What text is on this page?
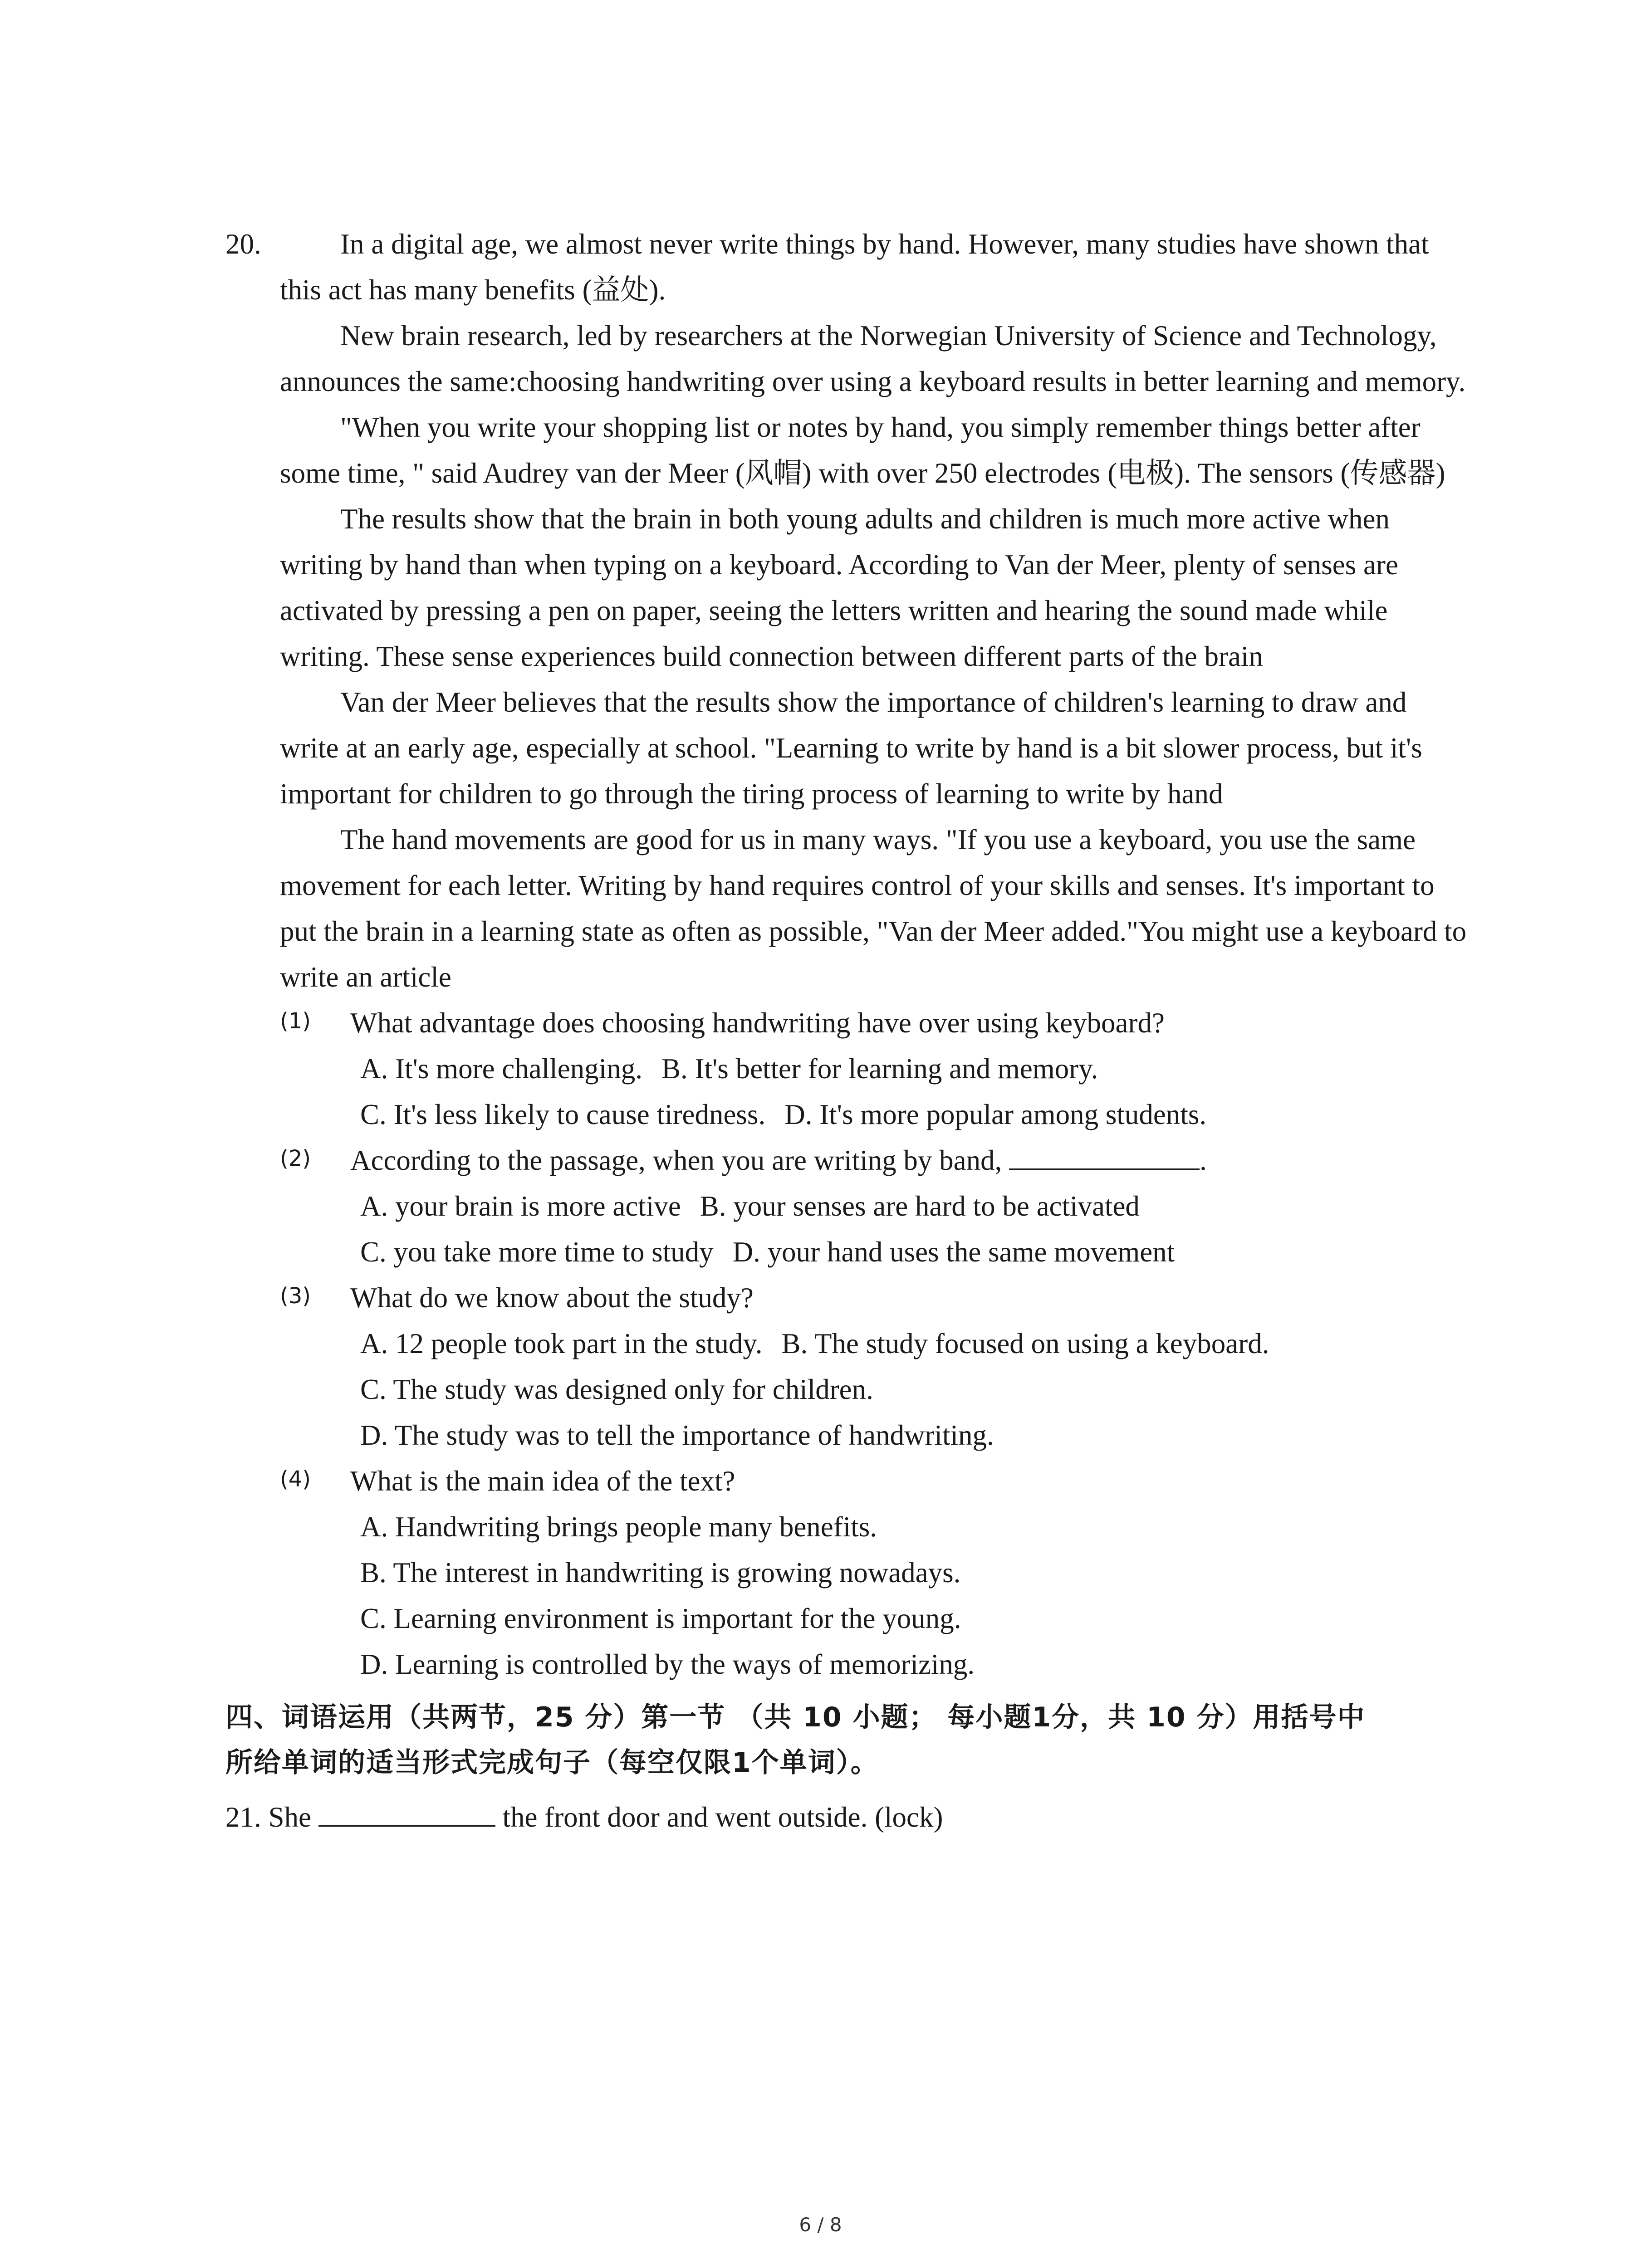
20.	In a digital age, we almost never write things by hand. However, many studies have shown that this act has many benefits (益处).

New brain research, led by researchers at the Norwegian University of Science and Technology, announces the same:choosing handwriting over using a keyboard results in better learning and memory.

"When you write your shopping list or notes by hand, you simply remember things better after some time, " said Audrey van der Meer (风帽) with over 250 electrodes (电极). The sensors (传感器)

The results show that the brain in both young adults and children is much more active when writing by hand than when typing on a keyboard. According to Van der Meer, plenty of senses are activated by pressing a pen on paper, seeing the letters written and hearing the sound made while writing. These sense experiences build connection between different parts of the brain

Van der Meer believes that the results show the importance of children's learning to draw and write at an early age, especially at school. "Learning to write by hand is a bit slower process, but it's important for children to go through the tiring process of learning to write by hand

The hand movements are good for us in many ways. "If you use a keyboard, you use the same movement for each letter. Writing by hand requires control of your skills and senses. It's important to put the brain in a learning state as often as possible, "Van der Meer added."You might use a keyboard to write an article

(1) What advantage does choosing handwriting have over using keyboard?
A. It's more challenging. B. It's better for learning and memory.
C. It's less likely to cause tiredness. D. It's more popular among students.
(2) According to the passage, when you are writing by band,	.
A. your brain is more active B. your senses are hard to be activated
C. you take more time to study D. your hand uses the same movement
(3) What do we know about the study?
A. 12 people took part in the study. B. The study focused on using a keyboard.
C. The study was designed only for children.
D. The study was to tell the importance of handwriting.
(4) What is the main idea of the text?
A. Handwriting brings people many benefits.
B. The interest in handwriting is growing nowadays.
C. Learning environment is important for the young.
D. Learning is controlled by the ways of memorizing.
四、词语运用（共两节，25 分）第一节 （共 10 小题； 每小题1分，共 10 分）用括号中
所给单词的适当形式完成句子（每空仅限1个单词）。
21. She	the front door and went outside. (lock)
6 / 8
